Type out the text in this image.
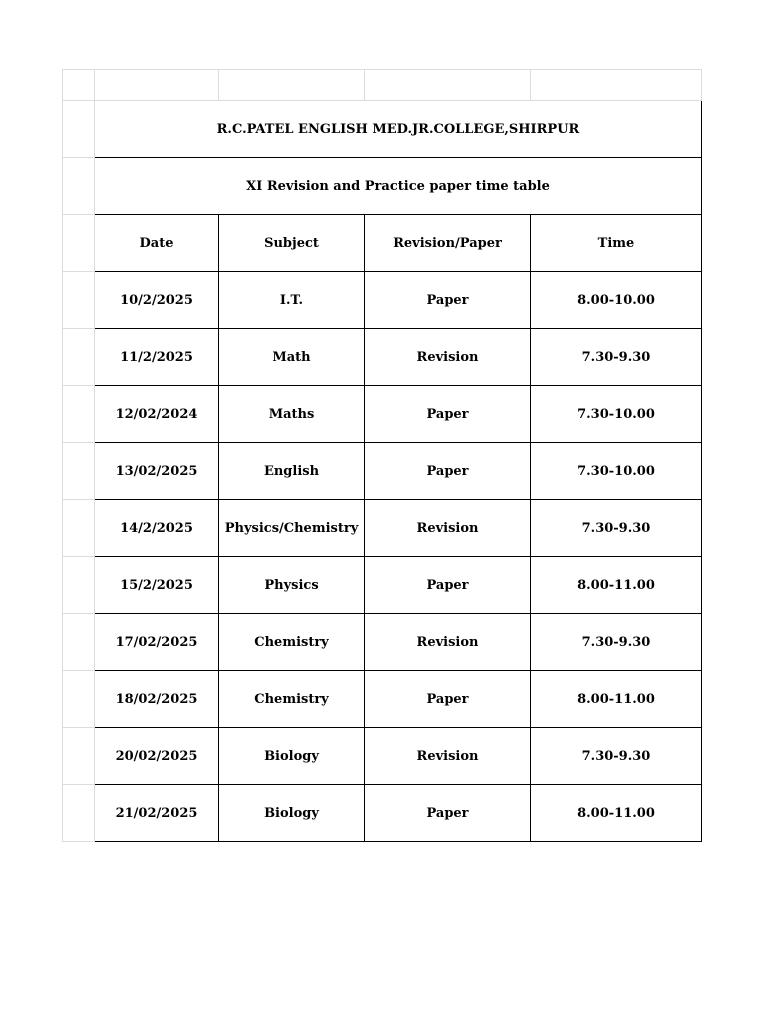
	R.C.PATEL ENGLISH MED.JR.COLLEGE,SHIRPUR			
	XI Revision and Practice paper time table			
	Date	Subject	Revision/Paper	Time
	10/2/2025	I.T.	Paper	8.00-10.00
	11/2/2025	Math	Revision	7.30-9.30
	12/02/2024	Maths	Paper	7.30-10.00
	13/02/2025	English	Paper	7.30-10.00
	14/2/2025	Physics/Chemistry	Revision	7.30-9.30
	15/2/2025	Physics	Paper	8.00-11.00
	17/02/2025	Chemistry	Revision	7.30-9.30
	18/02/2025	Chemistry	Paper	8.00-11.00
	20/02/2025	Biology	Revision	7.30-9.30
	21/02/2025	Biology	Paper	8.00-11.00
